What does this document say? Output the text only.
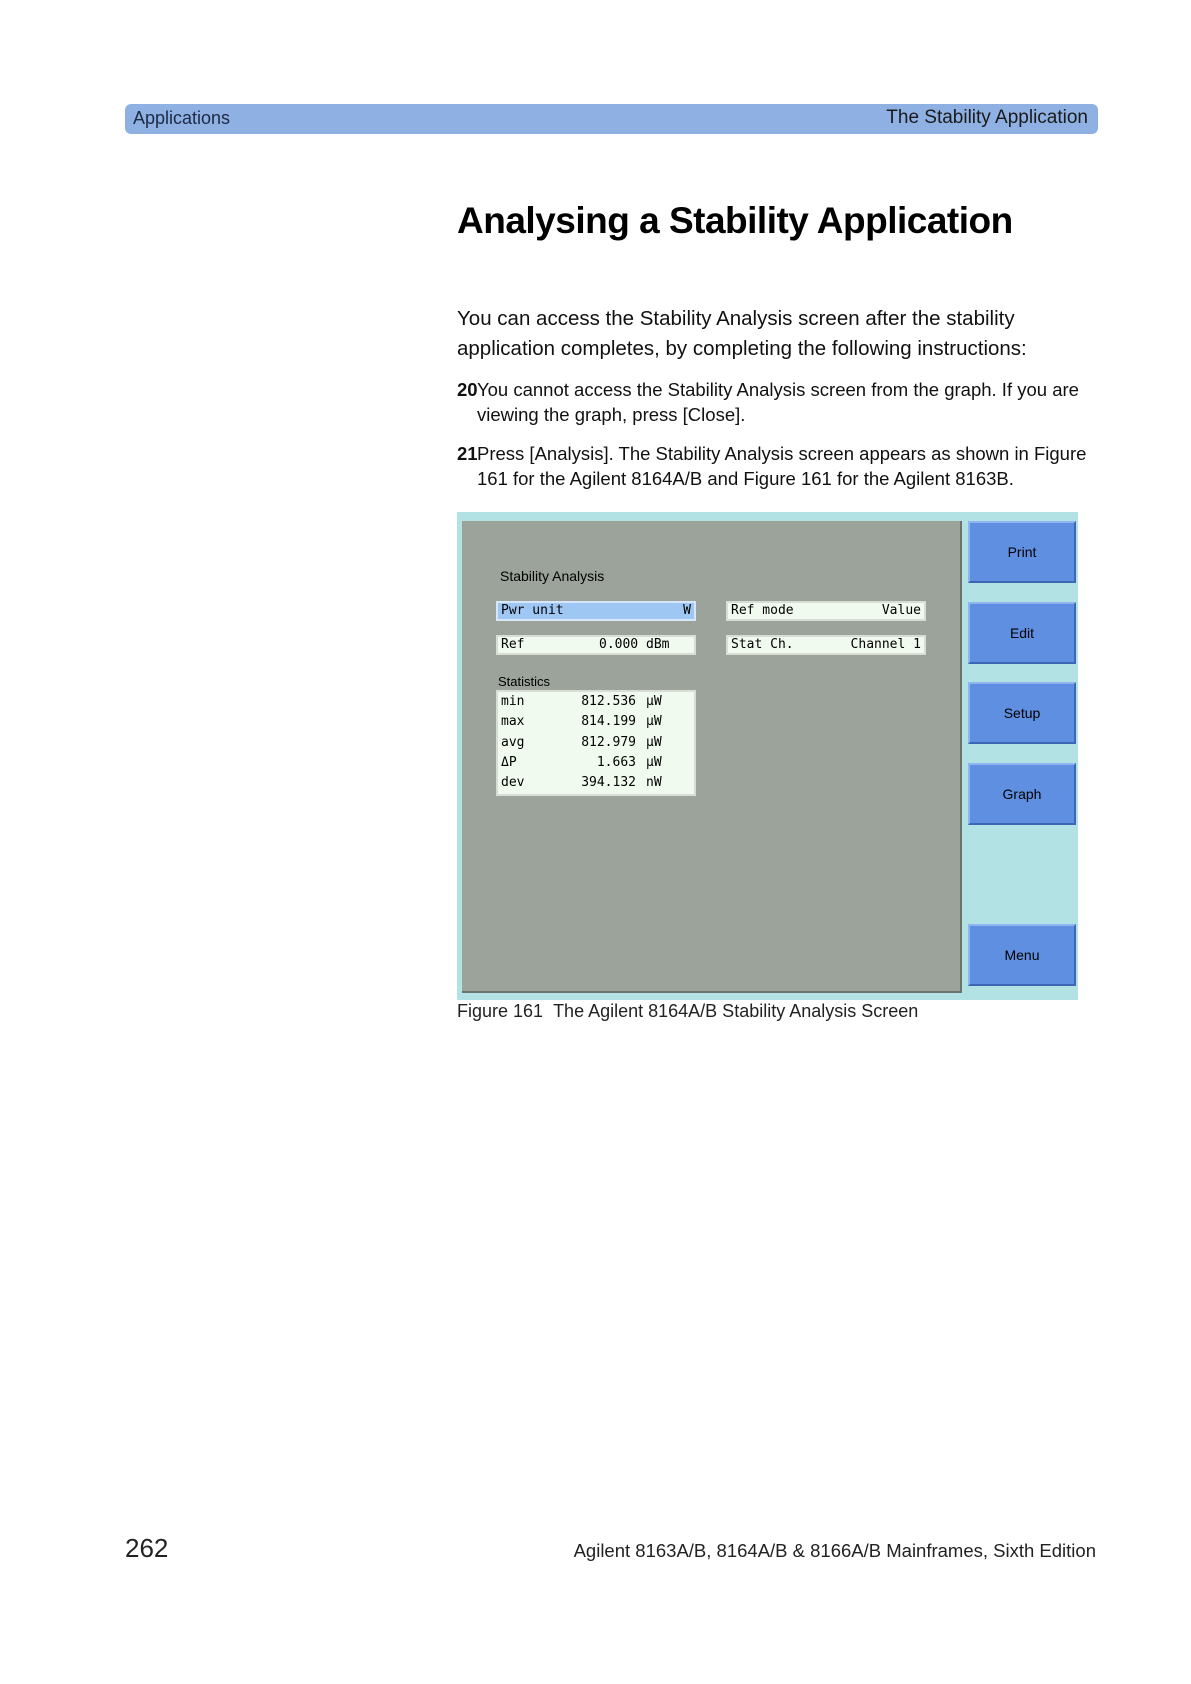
Applications	The Stability Application
Analysing a Stability Application

You can access the Stability Analysis screen after the stability application completes, by completing the following instructions:

20 You cannot access the Stability Analysis screen from the graph. If you are viewing the graph, press [Close].
21 Press [Analysis]. The Stability Analysis screen appears as shown in Figure 161 for the Agilent 8164A/B and Figure 161 for the Agilent 8163B.
Stability Analysis
Pwr unit	W
Ref	0.000 dBm
Ref mode	Value
Stat Ch.	Channel 1
Statistics
min	812.536 µW
max	814.199 µW
avg	812.979 µW
ΔP	1.663 µW
dev	394.132 nW
Print
Edit
Setup
Graph
Menu
Figure 161 The Agilent 8164A/B Stability Analysis Screen
262	Agilent 8163A/B, 8164A/B & 8166A/B Mainframes, Sixth Edition
